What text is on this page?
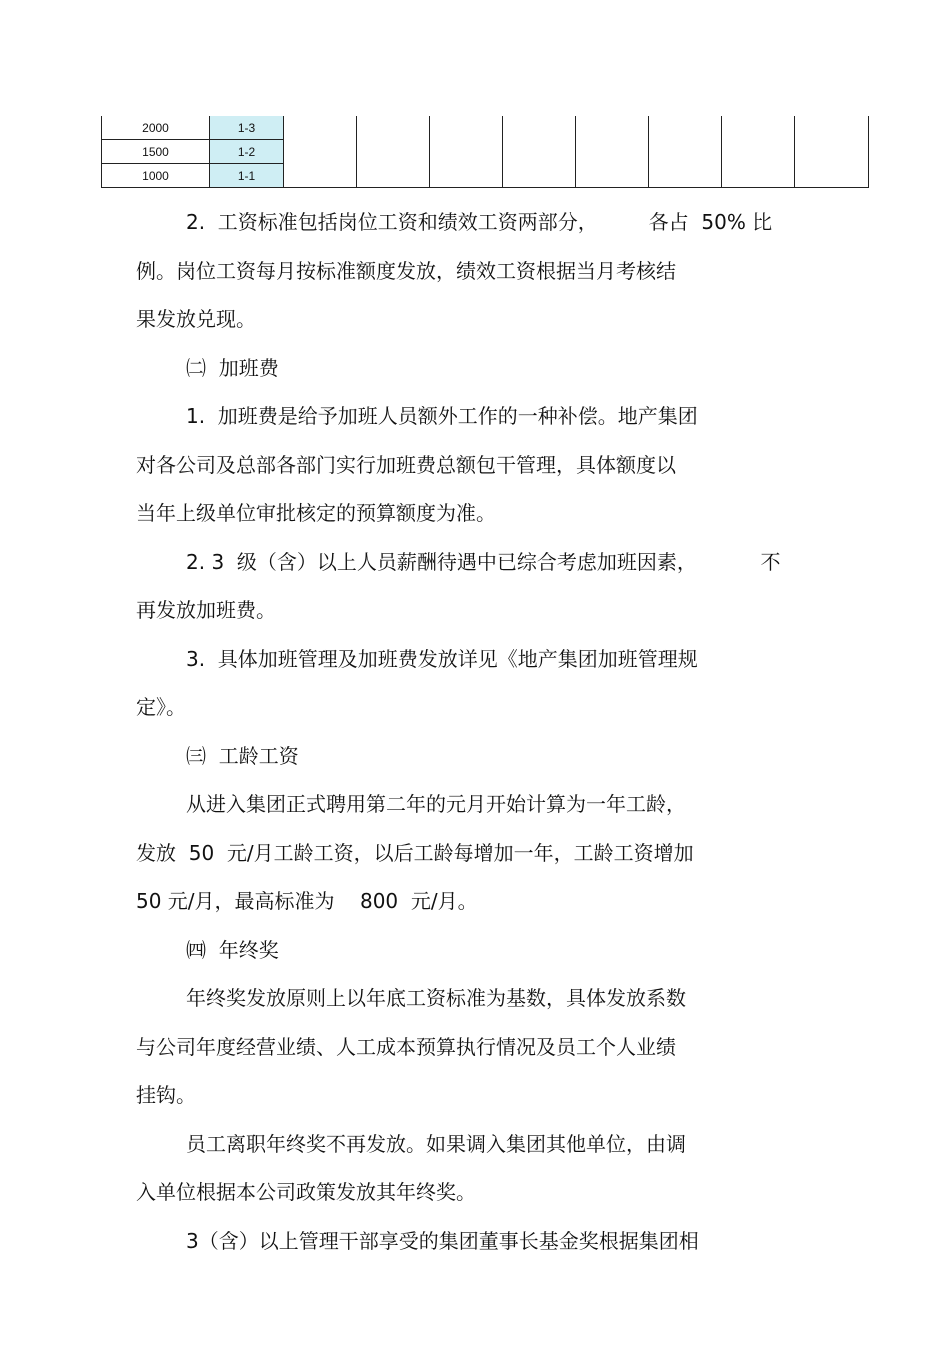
2000	1-3								
1500	1-2								
1000	1-1								
2.  工资标准包括岗位工资和绩效工资两部分，        各占  50% 比
例。岗位工资每月按标准额度发放，绩效工资根据当月考核结
果发放兑现。
㈡  加班费
1.  加班费是给予加班人员额外工作的一种补偿。地产集团
对各公司及总部各部门实行加班费总额包干管理，具体额度以
当年上级单位审批核定的预算额度为准。
2. 3  级（含）以上人员薪酬待遇中已综合考虑加班因素，          不
再发放加班费。
3.  具体加班管理及加班费发放详见《地产集团加班管理规
定》。
㈢  工龄工资
从进入集团正式聘用第二年的元月开始计算为一年工龄，
发放  50  元/月工龄工资，以后工龄每增加一年，工龄工资增加
50 元/月，最高标准为    800  元/月。
㈣  年终奖
年终奖发放原则上以年底工资标准为基数，具体发放系数
与公司年度经营业绩、人工成本预算执行情况及员工个人业绩
挂钩。
员工离职年终奖不再发放。如果调入集团其他单位，由调
入单位根据本公司政策发放其年终奖。
3（含）以上管理干部享受的集团董事长基金奖根据集团相
